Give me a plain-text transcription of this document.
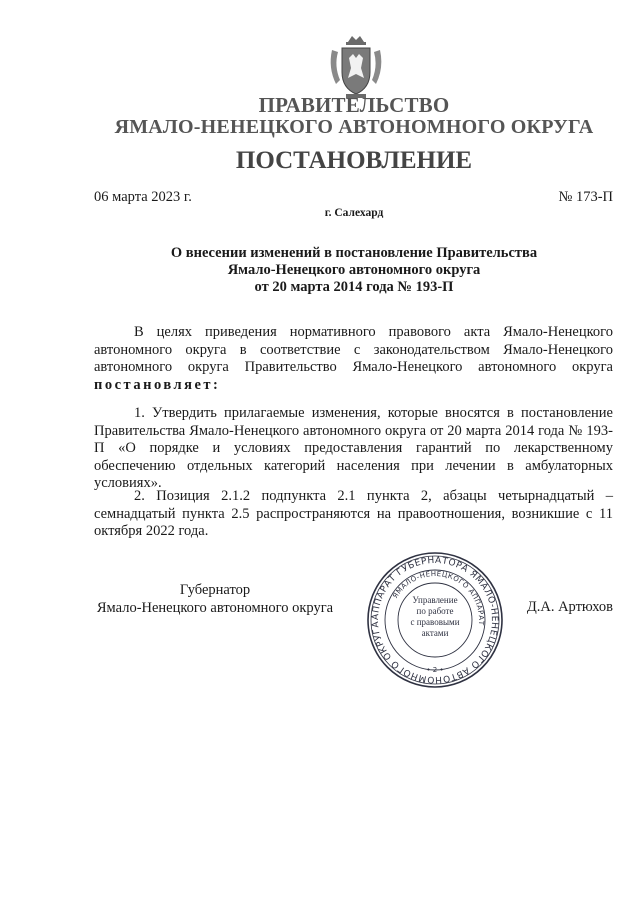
ПРАВИТЕЛЬСТВО
ЯМАЛО-НЕНЕЦКОГО АВТОНОМНОГО ОКРУГА
ПОСТАНОВЛЕНИЕ
06 марта 2023 г.	№ 173-П
г. Салехард
О внесении изменений в постановление Правительства
Ямало-Ненецкого автономного округа
от 20 марта 2014 года № 193-П

В целях приведения нормативного правового акта Ямало-Ненецкого автономного округа в соответствие с законодательством Ямало-Ненецкого автономного округа Правительство Ямало-Ненецкого автономного округа постановляет:

1. Утвердить прилагаемые изменения, которые вносятся в постановление Правительства Ямало-Ненецкого автономного округа от 20 марта 2014 года № 193-П «О порядке и условиях предоставления гарантий по лекарственному обеспечению отдельных категорий населения при лечении в амбулаторных условиях».

2. Позиция 2.1.2 подпункта 2.1 пункта 2, абзацы четырнадцатый – семнадцатый пункта 2.5 распространяются на правоотношения, возникшие с 11 октября 2022 года.

Губернатор
Ямало-Ненецкого автономного округа	Д.А. Артюхов
АППАРАТ ГУБЕРНАТОРА ЯМАЛО-НЕНЕЦКОГО АВТОНОМНОГО ОКРУГА
ЯМАЛО-НЕНЕЦКОГО АППАРАТ
• 2 •
Управление
по работе
с правовыми
актами
